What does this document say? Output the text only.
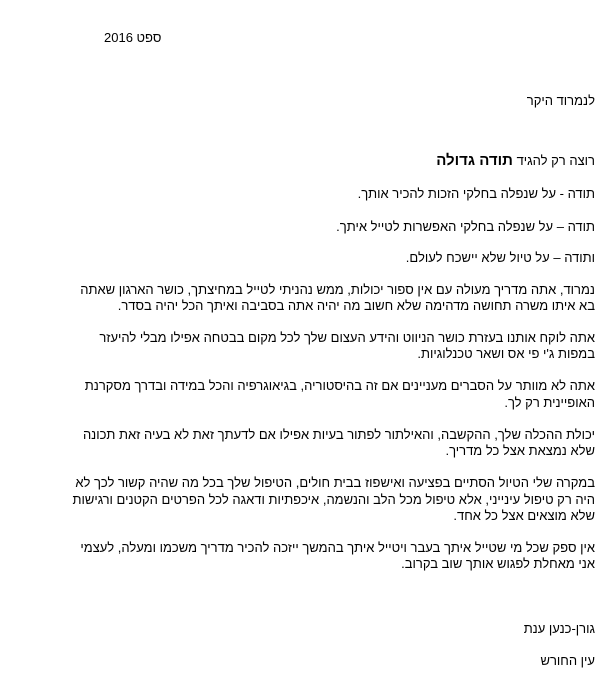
ספט 2016
לנמרוד היקר
רוצה רק להגיד תודה גדולה
תודה - על שנפלה בחלקי הזכות להכיר אותך.
תודה – על שנפלה בחלקי האפשרות לטייל איתך.
ותודה – על טיול שלא יישכח לעולם.
נמרוד, אתה מדריך מעולה עם אין ספור יכולות, ממש נהניתי לטייל במחיצתך, כושר הארגון שאתה
בא איתו משרה תחושה מדהימה שלא חשוב מה יהיה אתה בסביבה ואיתך הכל יהיה בסדר.
אתה לוקח אותנו בעזרת כושר הניווט והידע העצום שלך לכל מקום בבטחה אפילו מבלי להיעזר
במפות ג'י פי אס ושאר טכנלוגיות.
אתה לא מוותר על הסברים מעניינים אם זה בהיסטוריה, בגיאוגרפיה והכל במידה ובדרך מסקרנת
האופיינית רק לך.
יכולת ההכלה שלך, ההקשבה, והאילתור לפתור בעיות אפילו אם לדעתך זאת לא בעיה זאת תכונה
שלא נמצאת אצל כל מדריך.
במקרה שלי הטיול הסתיים בפציעה ואישפוז בבית חולים, הטיפול שלך בכל מה שהיה קשור לכך לא
היה רק טיפול עינייני, אלא טיפול מכל הלב והנשמה, איכפתיות ודאגה לכל הפרטים הקטנים ורגישות
שלא מוצאים אצל כל אחד.
אין ספק שכל מי שטייל איתך בעבר ויטייל איתך בהמשך ייזכה להכיר מדריך משכמו ומעלה, לעצמי
אני מאחלת לפגוש אותך שוב בקרוב.
גורן-כנען ענת
עין החורש
